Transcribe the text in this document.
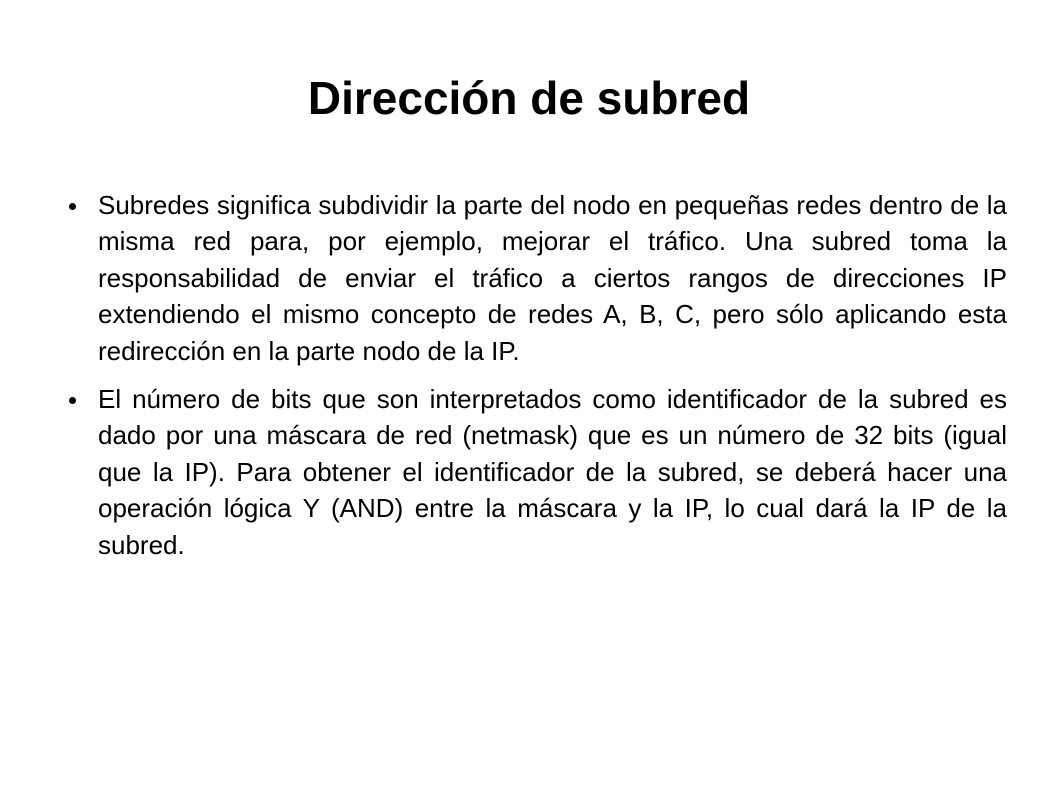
Dirección de subred

Subredes significa subdividir la parte del nodo en pequeñas redes dentro de la misma red para, por ejemplo, mejorar el tráfico. Una subred toma la responsabilidad de enviar el tráfico a ciertos rangos de direcciones IP extendiendo el mismo concepto de redes A, B, C, pero sólo aplicando esta redirección en la parte nodo de la IP.

El número de bits que son interpretados como identificador de la subred es dado por una máscara de red (netmask) que es un número de 32 bits (igual que la IP). Para obtener el identificador de la subred, se deberá hacer una operación lógica Y (AND) entre la máscara y la IP, lo cual dará la IP de la subred.
